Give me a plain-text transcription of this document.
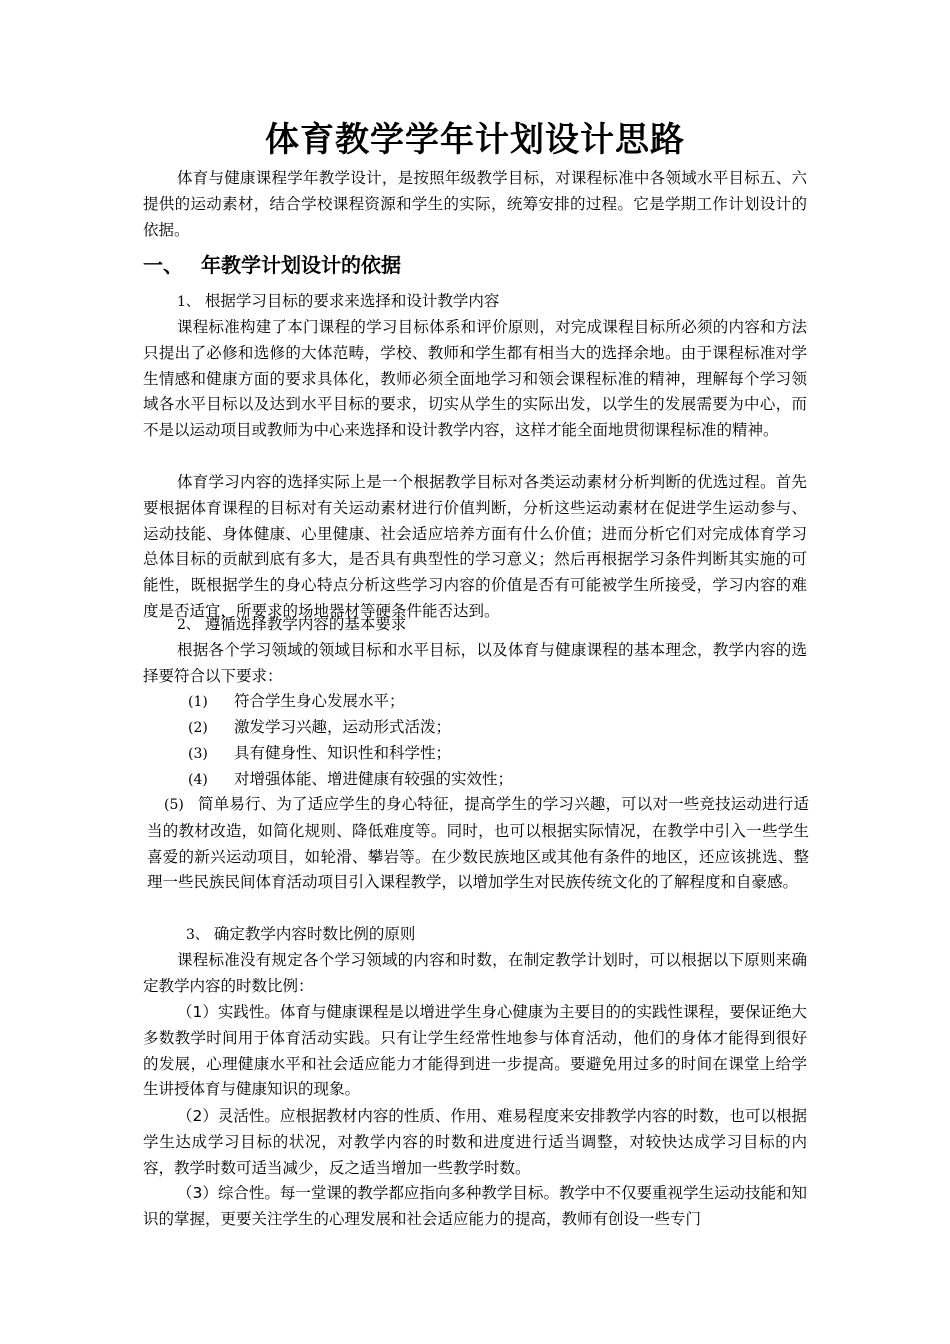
体育教学学年计划设计思路

体育与健康课程学年教学设计，是按照年级教学目标，对课程标准中各领域水平目标五、六提供的运动素材，结合学校课程资源和学生的实际，统筹安排的过程。它是学期工作计划设计的依据。

一、 年教学计划设计的依据
1、 根据学习目标的要求来选择和设计教学内容

课程标准构建了本门课程的学习目标体系和评价原则，对完成课程目标所必须的内容和方法只提出了必修和选修的大体范畴，学校、教师和学生都有相当大的选择余地。由于课程标准对学生情感和健康方面的要求具体化，教师必须全面地学习和领会课程标准的精神，理解每个学习领域各水平目标以及达到水平目标的要求，切实从学生的实际出发，以学生的发展需要为中心，而不是以运动项目或教师为中心来选择和设计教学内容，这样才能全面地贯彻课程标准的精神。

体育学习内容的选择实际上是一个根据教学目标对各类运动素材分析判断的优选过程。首先要根据体育课程的目标对有关运动素材进行价值判断，分析这些运动素材在促进学生运动参与、运动技能、身体健康、心里健康、社会适应培养方面有什么价值；进而分析它们对完成体育学习总体目标的贡献到底有多大，是否具有典型性的学习意义；然后再根据学习条件判断其实施的可能性，既根据学生的身心特点分析这些学习内容的价值是否有可能被学生所接受，学习内容的难度是否适宜，所要求的场地器材等硬条件能否达到。

2、 遵循选择教学内容的基本要求

根据各个学习领域的领域目标和水平目标，以及体育与健康课程的基本理念，教学内容的选择要符合以下要求：

(1) 符合学生身心发展水平；
(2) 激发学习兴趣，运动形式活泼；
(3) 具有健身性、知识性和科学性；
(4) 对增强体能、增进健康有较强的实效性；
(5) 简单易行、为了适应学生的身心特征，提高学生的学习兴趣，可以对一些竞技运动进行适当的教材改造，如简化规则、降低难度等。同时，也可以根据实际情况，在教学中引入一些学生喜爱的新兴运动项目，如轮滑、攀岩等。在少数民族地区或其他有条件的地区，还应该挑选、整理一些民族民间体育活动项目引入课程教学，以增加学生对民族传统文化的了解程度和自豪感。
3、 确定教学内容时数比例的原则

课程标准没有规定各个学习领域的内容和时数，在制定教学计划时，可以根据以下原则来确定教学内容的时数比例：

（1）实践性。体育与健康课程是以增进学生身心健康为主要目的的实践性课程，要保证绝大多数教学时间用于体育活动实践。只有让学生经常性地参与体育活动，他们的身体才能得到很好的发展，心理健康水平和社会适应能力才能得到进一步提高。要避免用过多的时间在课堂上给学生讲授体育与健康知识的现象。

（2）灵活性。应根据教材内容的性质、作用、难易程度来安排教学内容的时数，也可以根据学生达成学习目标的状况，对教学内容的时数和进度进行适当调整，对较快达成学习目标的内容，教学时数可适当减少，反之适当增加一些教学时数。

（3）综合性。每一堂课的教学都应指向多种教学目标。教学中不仅要重视学生运动技能和知识的掌握，更要关注学生的心理发展和社会适应能力的提高，教师有创设一些专门
